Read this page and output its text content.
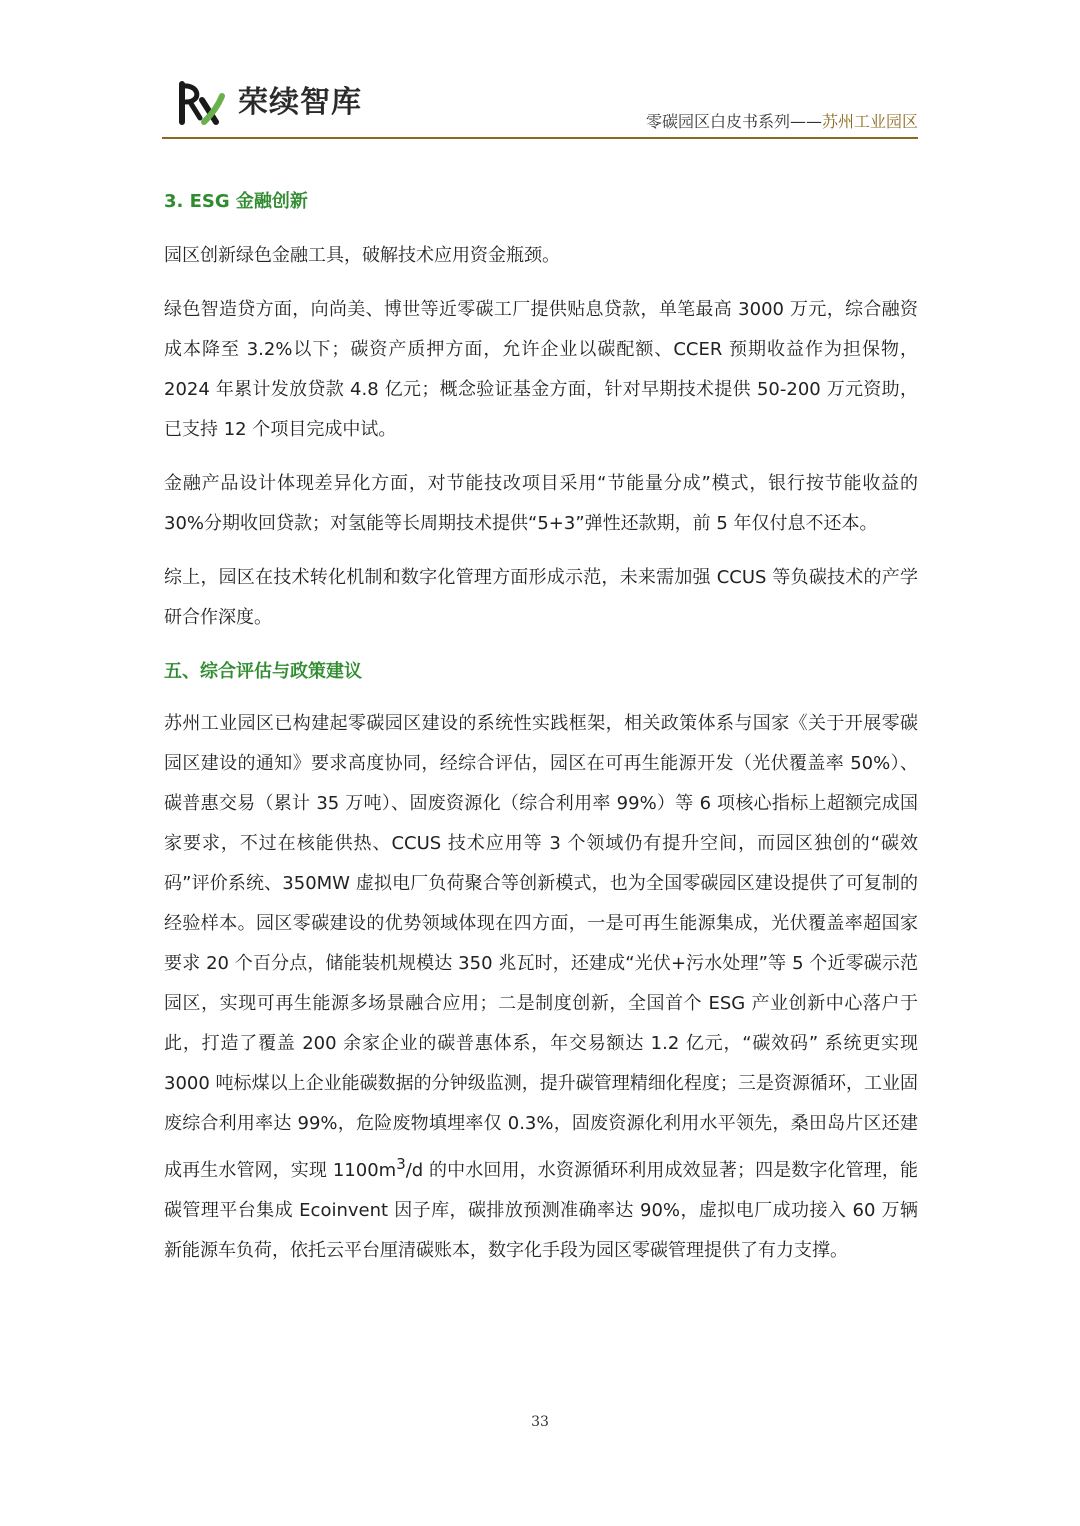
荣续智库
零碳园区白皮书系列——苏州工业园区
3. ESG 金融创新

园区创新绿色金融工具，破解技术应用资金瓶颈。

绿色智造贷方面，向尚美、博世等近零碳工厂提供贴息贷款，单笔最高 3000 万元，综合融资成本降至 3.2%以下；碳资产质押方面，允许企业以碳配额、CCER 预期收益作为担保物，2024 年累计发放贷款 4.8 亿元；概念验证基金方面，针对早期技术提供 50-200 万元资助，已支持 12 个项目完成中试。

金融产品设计体现差异化方面，对节能技改项目采用“节能量分成”模式，银行按节能收益的 30%分期收回贷款；对氢能等长周期技术提供“5+3”弹性还款期，前 5 年仅付息不还本。

综上，园区在技术转化机制和数字化管理方面形成示范，未来需加强 CCUS 等负碳技术的产学研合作深度。

五、综合评估与政策建议

苏州工业园区已构建起零碳园区建设的系统性实践框架，相关政策体系与国家《关于开展零碳园区建设的通知》要求高度协同，经综合评估，园区在可再生能源开发（光伏覆盖率 50%）、碳普惠交易（累计 35 万吨）、固废资源化（综合利用率 99%）等 6 项核心指标上超额完成国家要求，不过在核能供热、CCUS 技术应用等 3 个领域仍有提升空间，而园区独创的“碳效码”评价系统、350MW 虚拟电厂负荷聚合等创新模式，也为全国零碳园区建设提供了可复制的经验样本。园区零碳建设的优势领域体现在四方面，一是可再生能源集成，光伏覆盖率超国家要求 20 个百分点，储能装机规模达 350 兆瓦时，还建成“光伏+污水处理”等 5 个近零碳示范园区，实现可再生能源多场景融合应用；二是制度创新，全国首个 ESG 产业创新中心落户于此，打造了覆盖 200 余家企业的碳普惠体系，年交易额达 1.2 亿元，“碳效码” 系统更实现 3000 吨标煤以上企业能碳数据的分钟级监测，提升碳管理精细化程度；三是资源循环，工业固废综合利用率达 99%，危险废物填埋率仅 0.3%，固废资源化利用水平领先，桑田岛片区还建成再生水管网，实现 $1100m^3/d$ 的中水回用，水资源循环利用成效显著；四是数字化管理，能碳管理平台集成 Ecoinvent 因子库，碳排放预测准确率达 90%，虚拟电厂成功接入 60 万辆新能源车负荷，依托云平台厘清碳账本，数字化手段为园区零碳管理提供了有力支撑。

33
